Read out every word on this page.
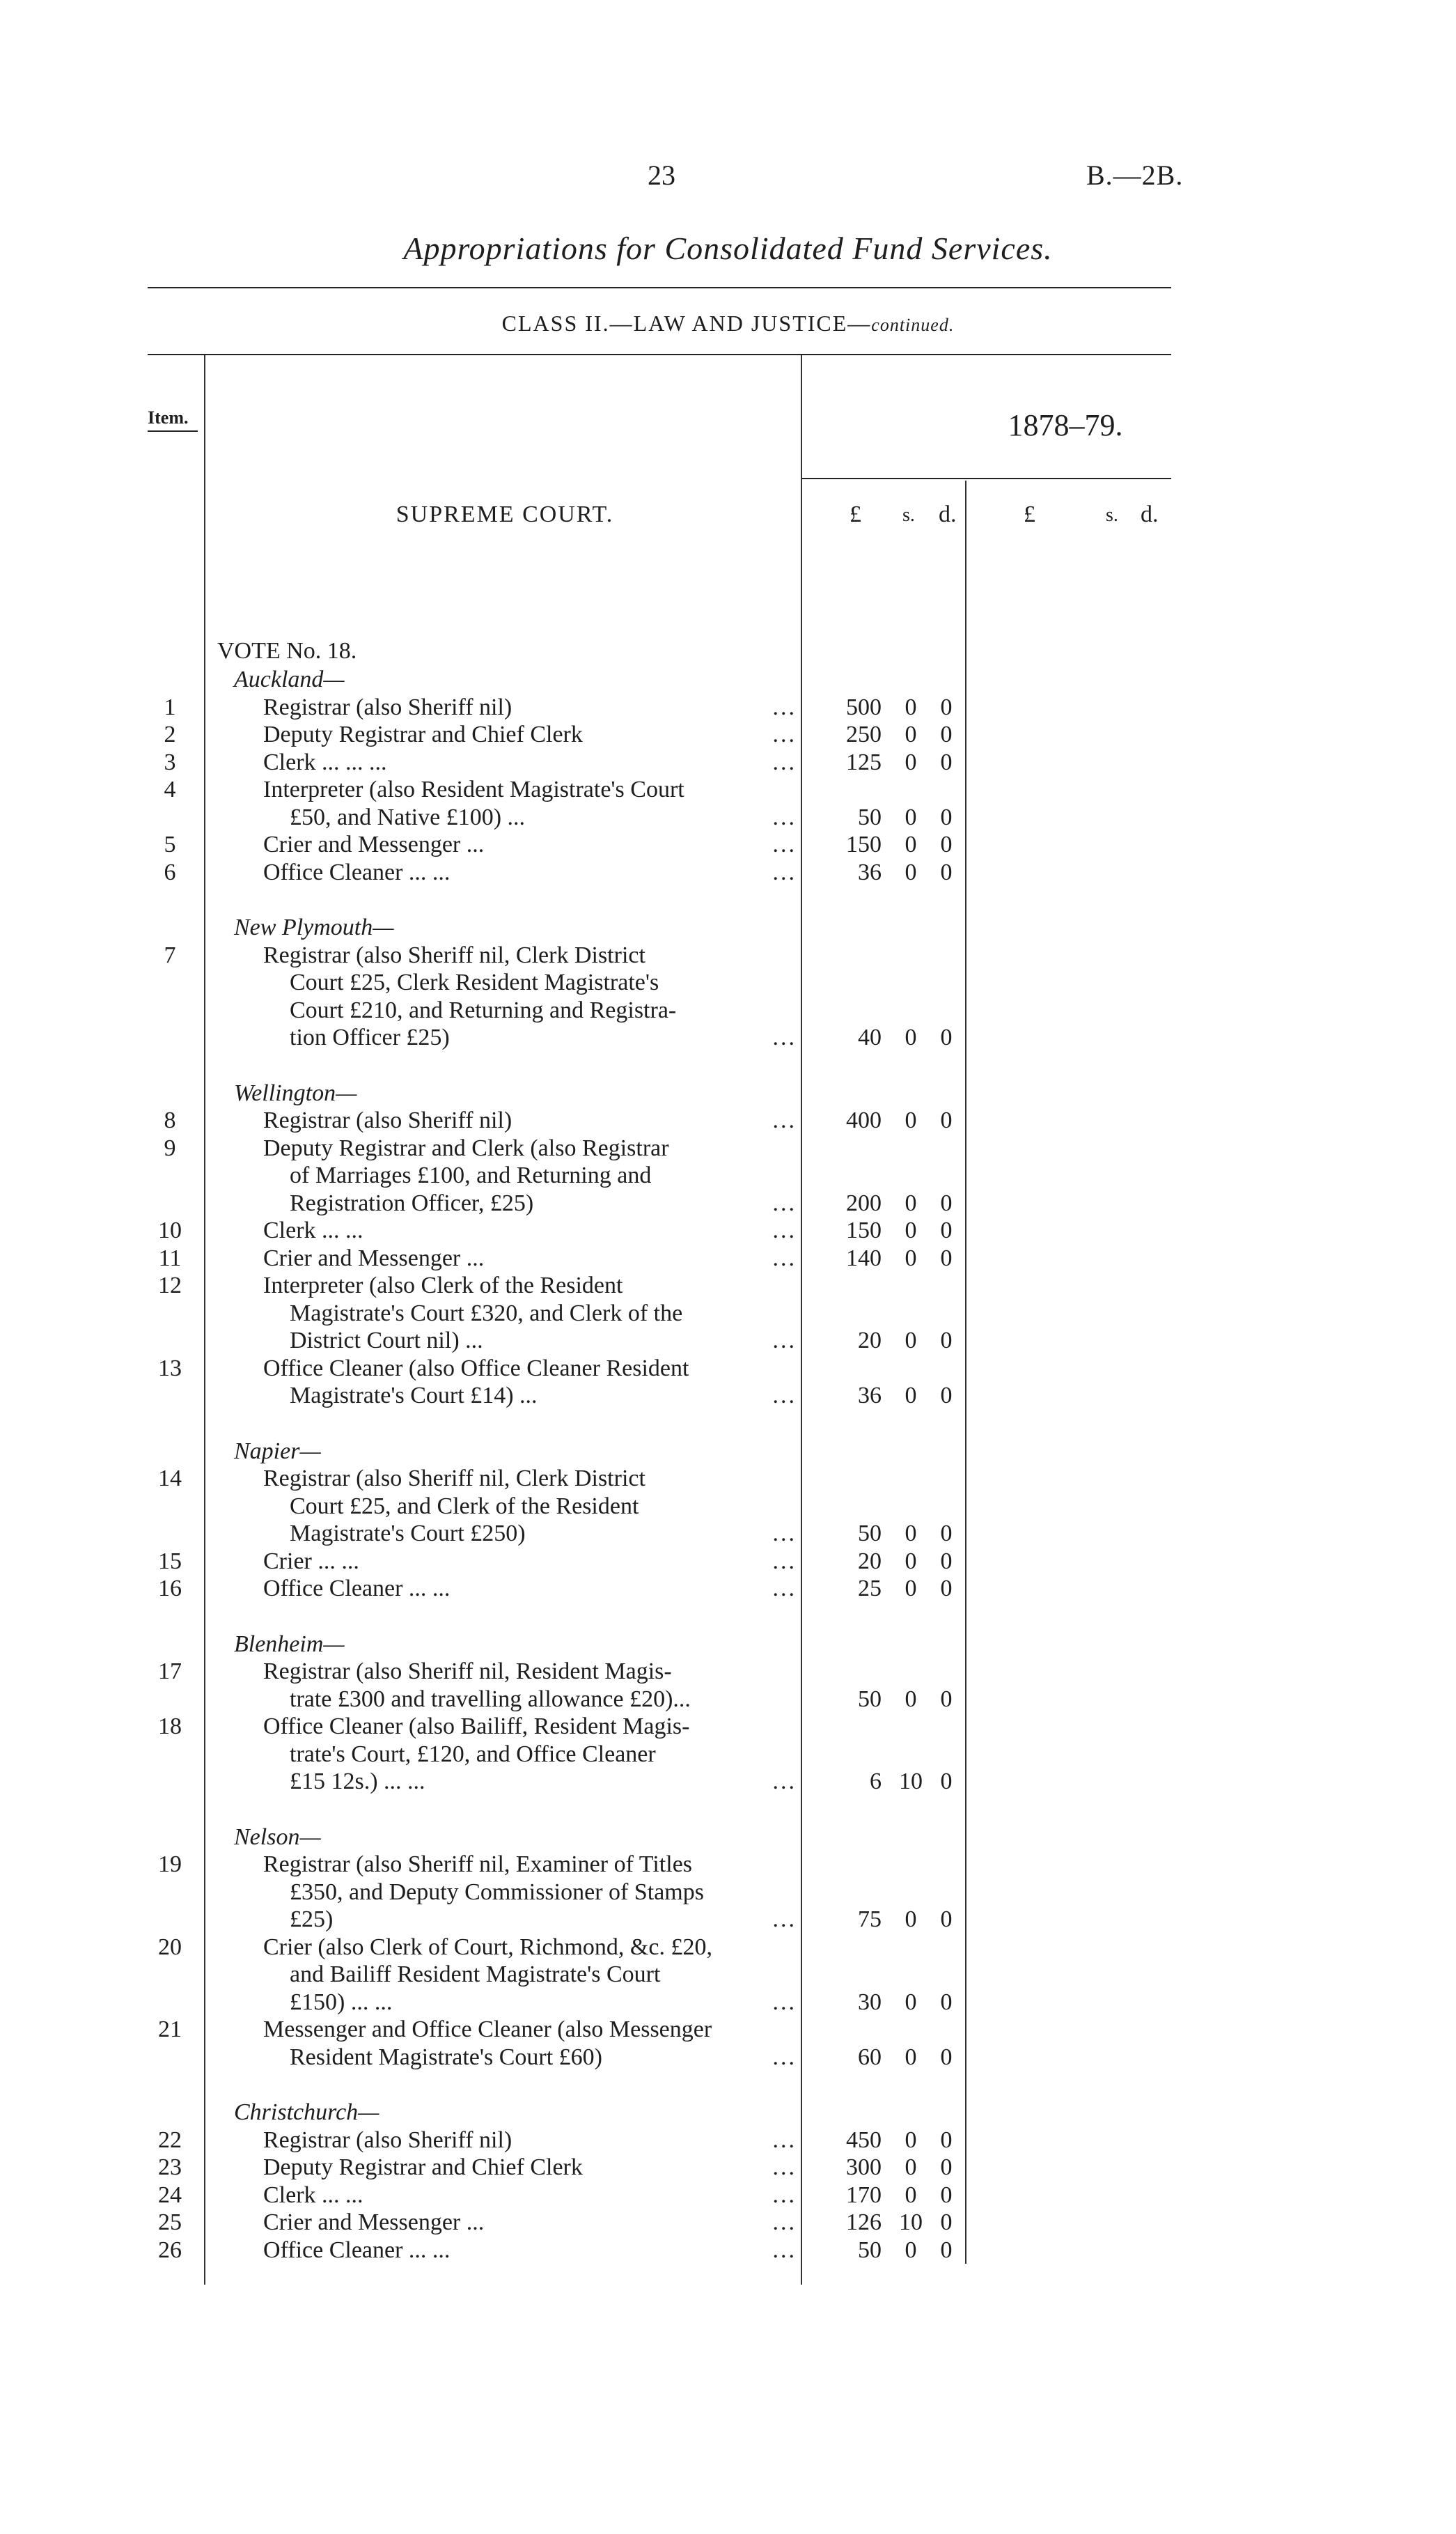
23	B.—2B.
Appropriations for Consolidated Fund Services.
CLASS II.—LAW AND JUSTICE—continued.
Item.	1878–79.
SUPREME COURT.	£ s. d.	£	s. d.
VOTE No. 18.
Auckland—
1	Registrar (also Sheriff nil)	...	500 0	0
2	Deputy Registrar and Chief Clerk	...	250 0	0
3	Clerk ... ... ...	...	125 0	0
4	Interpreter (also Resident Magistrate's Court
£50, and Native £100) ...	...	50 0	0
5	Crier and Messenger ...	...	150 0	0
6	Office Cleaner ... ...	...	36 0	0
New Plymouth—
7	Registrar (also Sheriff nil, Clerk District
Court £25, Clerk Resident Magistrate's
Court £210, and Returning and Registra-
tion Officer £25)	...	40 0	0
Wellington—
8	Registrar (also Sheriff nil)	...	400 0	0
9	Deputy Registrar and Clerk (also Registrar
of Marriages £100, and Returning and
Registration Officer, £25)	...	200 0	0
10	Clerk ... ...	...	150 0	0
11	Crier and Messenger ...	...	140 0	0
12	Interpreter (also Clerk of the Resident
Magistrate's Court £320, and Clerk of the
District Court nil) ...	...	20 0	0
13	Office Cleaner (also Office Cleaner Resident
Magistrate's Court £14) ...	...	36 0	0
Napier—
14	Registrar (also Sheriff nil, Clerk District
Court £25, and Clerk of the Resident
Magistrate's Court £250)	...	50 0	0
15	Crier ... ...	...	20 0	0
16	Office Cleaner ... ...	...	25 0	0
Blenheim—
17	Registrar (also Sheriff nil, Resident Magis-
trate £300 and travelling allowance £20)...	50 0	0
18	Office Cleaner (also Bailiff, Resident Magis-
trate's Court, £120, and Office Cleaner
£15 12s.) ... ...	...	6 10 0
Nelson—
19	Registrar (also Sheriff nil, Examiner of Titles
£350, and Deputy Commissioner of Stamps
£25)	...	75 0	0
20	Crier (also Clerk of Court, Richmond, &c. £20,
and Bailiff Resident Magistrate's Court
£150) ... ...	...	30 0	0
21	Messenger and Office Cleaner (also Messenger
Resident Magistrate's Court £60)	...	60 0	0
Christchurch—
22	Registrar (also Sheriff nil)	...	450 0	0
23	Deputy Registrar and Chief Clerk	...	300 0	0
24	Clerk ... ...	...	170 0	0
25	Crier and Messenger ...	...	126 10 0
26	Office Cleaner ... ...	...	50 0	0
